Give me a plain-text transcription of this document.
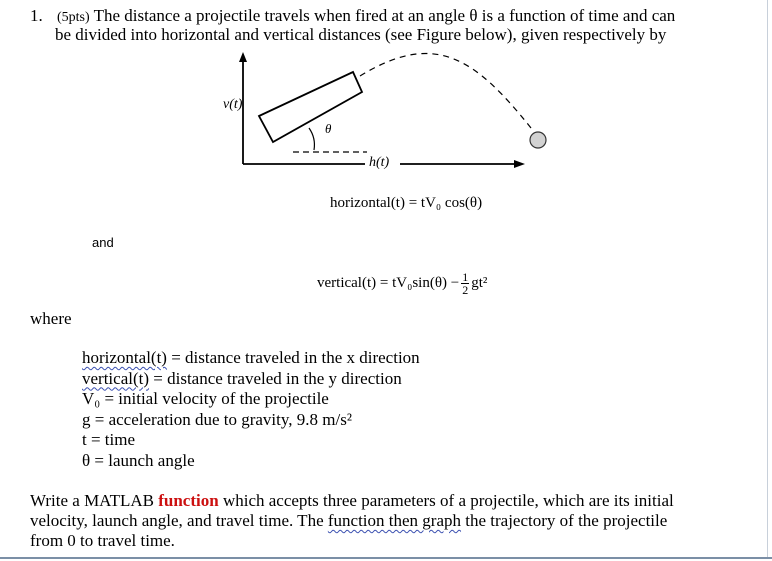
1. (5pts) The distance a projectile travels when fired at an angle θ is a function of time and can
be divided into horizontal and vertical distances (see Figure below), given respectively by
v(t)
h(t)
θ
horizontal(t) = tV₀ cos(θ)
and
vertical(t) = $tV_0\sin(\theta) - \frac{1}{2} gt^2$
where
horizontal(t) = distance traveled in the x direction
vertical(t) = distance traveled in the y direction
V₀ = initial velocity of the projectile
g = acceleration due to gravity, 9.8 m/s²
t = time
θ = launch angle
Write a MATLAB function which accepts three parameters of a projectile, which are its initial
velocity, launch angle, and travel time. The function then graph the trajectory of the projectile
from 0 to travel time.
